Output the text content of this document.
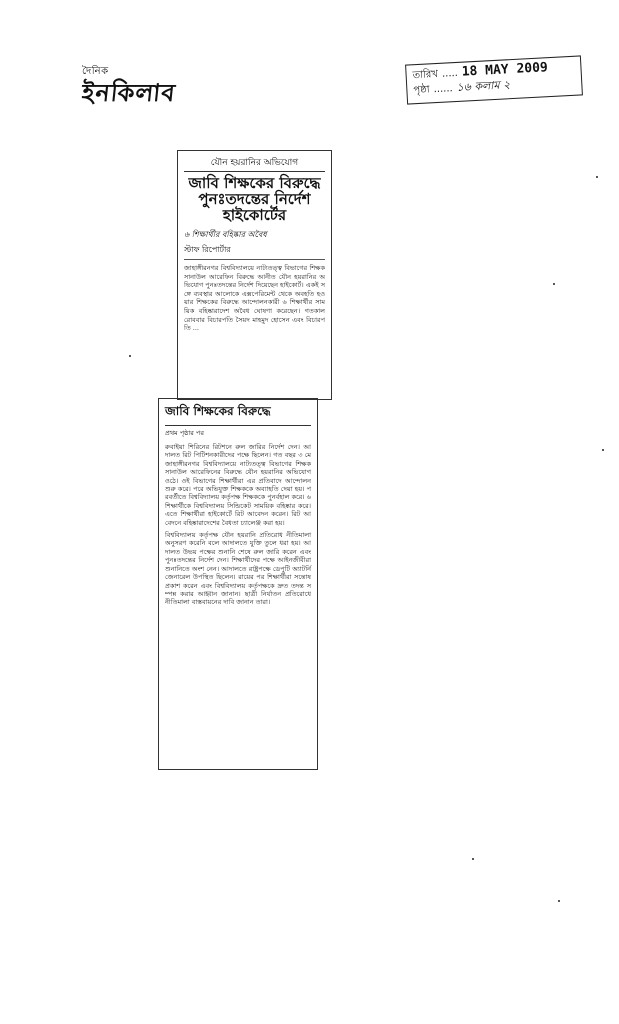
দৈনিক
ইনকিলাব
তারিখ ..... 18 MAY 2009
পৃষ্ঠা ...... ১৬ কলাম ২
যৌন হয়রানির অভিযোগ
জাবি শিক্ষকের বিরুদ্ধে
পুনঃতদন্তের নির্দেশ
হাইকোর্টের
৬ শিক্ষার্থীর বহিষ্কার অবৈধ
স্টাফ রিপোর্টার
জাহাঙ্গীরনগর বিশ্ববিদ্যালয়ে নাট্যতত্ত্ব বিভাগের শিক্ষক সানাউল আরেফিন বিরুদ্ধে আনীত যৌন হয়রানির অভিযোগ পুনঃতদন্তের নির্দেশ দিয়েছেন হাইকোর্ট। একই সঙ্গে ব্যবস্থার আলোকে এক্সপেরিমেন্ট থেকে অবহতি হওয়ার শিক্ষকের বিরুদ্ধে আন্দোলনকারী ৬ শিক্ষার্থীর সাময়িক বহিষ্কারাদেশ অবৈধ ঘোষণা করেছেন। গতকাল রোববার বিচারপতি সৈয়দ মাহমুদ হোসেন এবং বিচারপতি ...
জাবি শিক্ষকের বিরুদ্ধে
প্রথম পৃষ্ঠার পর
রুবাইয়া শিরিনের রিটশনে রুল জারির নির্দেশ দেন। আদালত রিট পিটিশনকারীদের পক্ষে ছিলেন। গত বছর ৩ মে জাহাঙ্গীরনগর বিশ্ববিদ্যালয়ে নাট্যতত্ত্ব বিভাগের শিক্ষক সানাউল আরেফিনের বিরুদ্ধে যৌন হয়রানির অভিযোগ ওঠে। ওই বিভাগের শিক্ষার্থীরা এর প্রতিবাদে আন্দোলন শুরু করে। পরে অভিযুক্ত শিক্ষককে অব্যাহতি দেয়া হয়। পরবর্তীতে বিশ্ববিদ্যালয় কর্তৃপক্ষ শিক্ষককে পুনর্বহাল করে। ৬ শিক্ষার্থীকে বিশ্ববিদ্যালয় সিন্ডিকেট সাময়িক বহিষ্কার করে। এতে শিক্ষার্থীরা হাইকোর্টে রিট আবেদন করেন। রিট আবেদনে বহিষ্কারাদেশের বৈধতা চ্যালেঞ্জ করা হয়।
বিশ্ববিদ্যালয় কর্তৃপক্ষ যৌন হয়রানি প্রতিরোধ নীতিমালা অনুসরণ করেনি বলে আদালতে যুক্তি তুলে ধরা হয়। আদালত উভয় পক্ষের শুনানি শেষে রুল জারি করেন এবং পুনঃতদন্তের নির্দেশ দেন। শিক্ষার্থীদের পক্ষে আইনজীবীরা শুনানিতে অংশ নেন। আদালতে রাষ্ট্রপক্ষে ডেপুটি অ্যাটর্নি জেনারেল উপস্থিত ছিলেন। রায়ের পর শিক্ষার্থীরা সন্তোষ প্রকাশ করেন এবং বিশ্ববিদ্যালয় কর্তৃপক্ষকে দ্রুত তদন্ত সম্পন্ন করার আহ্বান জানান। ছাত্রী নির্যাতন প্রতিরোধে নীতিমালা বাস্তবায়নের দাবি জানান তারা।
